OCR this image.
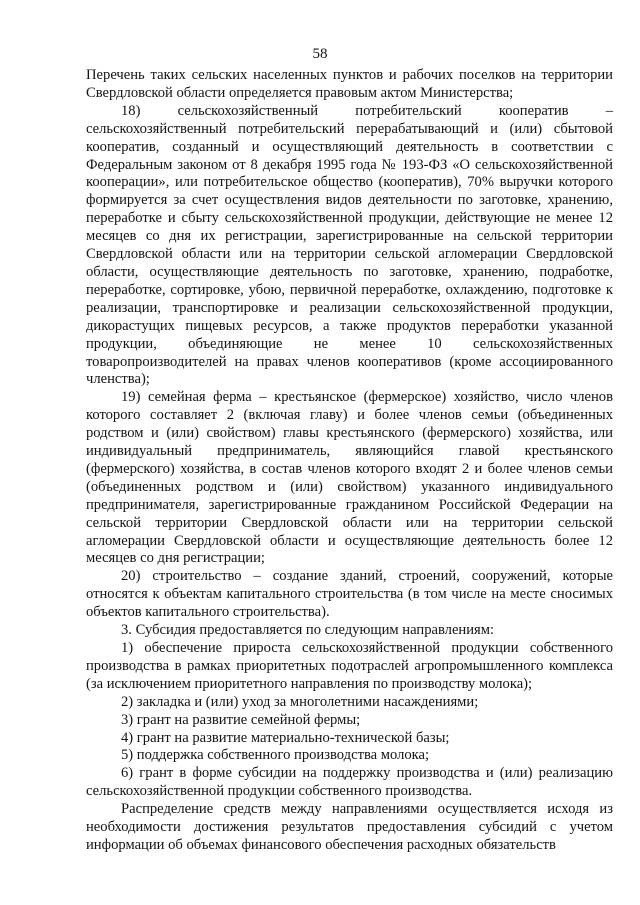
58

Перечень таких сельских населенных пунктов и рабочих поселков на территории Свердловской области определяется правовым актом Министерства;

18) сельскохозяйственный потребительский кооператив – сельскохозяйственный потребительский перерабатывающий и (или) сбытовой кооператив, созданный и осуществляющий деятельность в соответствии с Федеральным законом от 8 декабря 1995 года № 193-ФЗ «О сельскохозяйственной кооперации», или потребительское общество (кооператив), 70% выручки которого формируется за счет осуществления видов деятельности по заготовке, хранению, переработке и сбыту сельскохозяйственной продукции, действующие не менее 12 месяцев со дня их регистрации, зарегистрированные на сельской территории Свердловской области или на территории сельской агломерации Свердловской области, осуществляющие деятельность по заготовке, хранению, подработке, переработке, сортировке, убою, первичной переработке, охлаждению, подготовке к реализации, транспортировке и реализации сельскохозяйственной продукции, дикорастущих пищевых ресурсов, а также продуктов переработки указанной продукции, объединяющие не менее 10 сельскохозяйственных товаропроизводителей на правах членов кооперативов (кроме ассоциированного членства);

19) семейная ферма – крестьянское (фермерское) хозяйство, число членов которого составляет 2 (включая главу) и более членов семьи (объединенных родством и (или) свойством) главы крестьянского (фермерского) хозяйства, или индивидуальный предприниматель, являющийся главой крестьянского (фермерского) хозяйства, в состав членов которого входят 2 и более членов семьи (объединенных родством и (или) свойством) указанного индивидуального предпринимателя, зарегистрированные гражданином Российской Федерации на сельской территории Свердловской области или на территории сельской агломерации Свердловской области и осуществляющие деятельность более 12 месяцев со дня регистрации;

20) строительство – создание зданий, строений, сооружений, которые относятся к объектам капитального строительства (в том числе на месте сносимых объектов капитального строительства).

3. Субсидия предоставляется по следующим направлениям:

1) обеспечение прироста сельскохозяйственной продукции собственного производства в рамках приоритетных подотраслей агропромышленного комплекса (за исключением приоритетного направления по производству молока);

2) закладка и (или) уход за многолетними насаждениями;

3) грант на развитие семейной фермы;

4) грант на развитие материально-технической базы;

5) поддержка собственного производства молока;

6) грант в форме субсидии на поддержку производства и (или) реализацию сельскохозяйственной продукции собственного производства.

Распределение средств между направлениями осуществляется исходя из необходимости достижения результатов предоставления субсидий с учетом информации об объемах финансового обеспечения расходных обязательств
